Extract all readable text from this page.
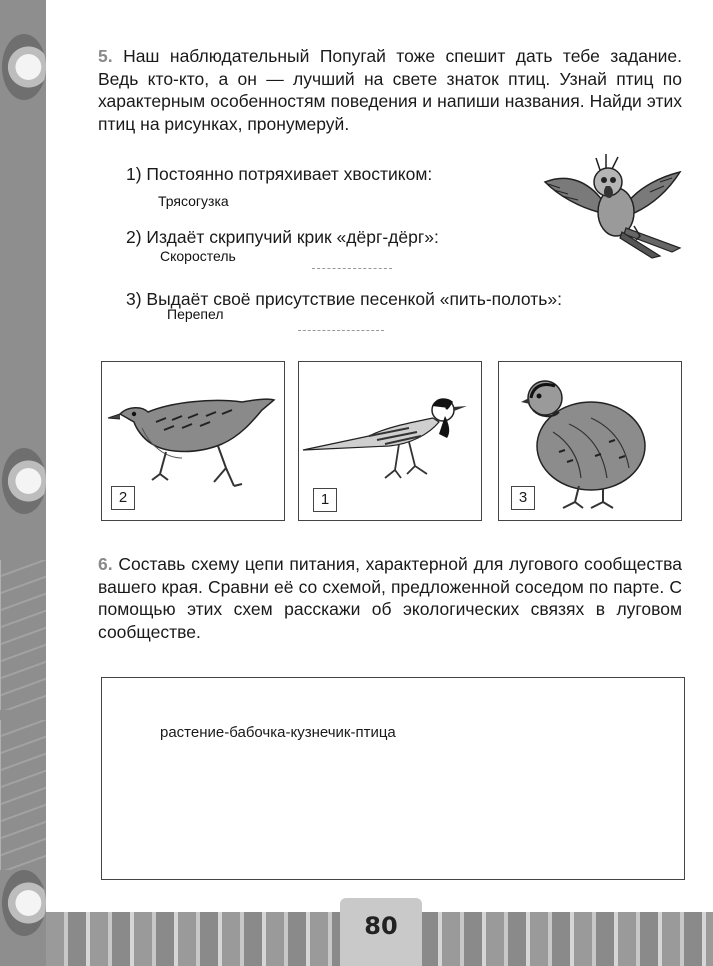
5. Наш наблюдательный Попугай тоже спешит дать тебе задание. Ведь кто-кто, а он — лучший на свете знаток птиц. Узнай птиц по характерным особенностям поведения и напиши названия. Найди этих птиц на рисунках, пронумеруй.
1) Постоянно потряхивает хвостиком:
Трясогузка
2) Издаёт скрипучий крик «дёрг-дёрг»:
Скоростель
3) Выдаёт своё присутствие песенкой «пить-полоть»:
Перепел
2	1	3
6. Составь схему цепи питания, характерной для лугового сообщества вашего края. Сравни её со схемой, предложенной соседом по парте. С помощью этих схем расскажи об экологических связях в луговом сообществе.
растение-бабочка-кузнечик-птица
80
